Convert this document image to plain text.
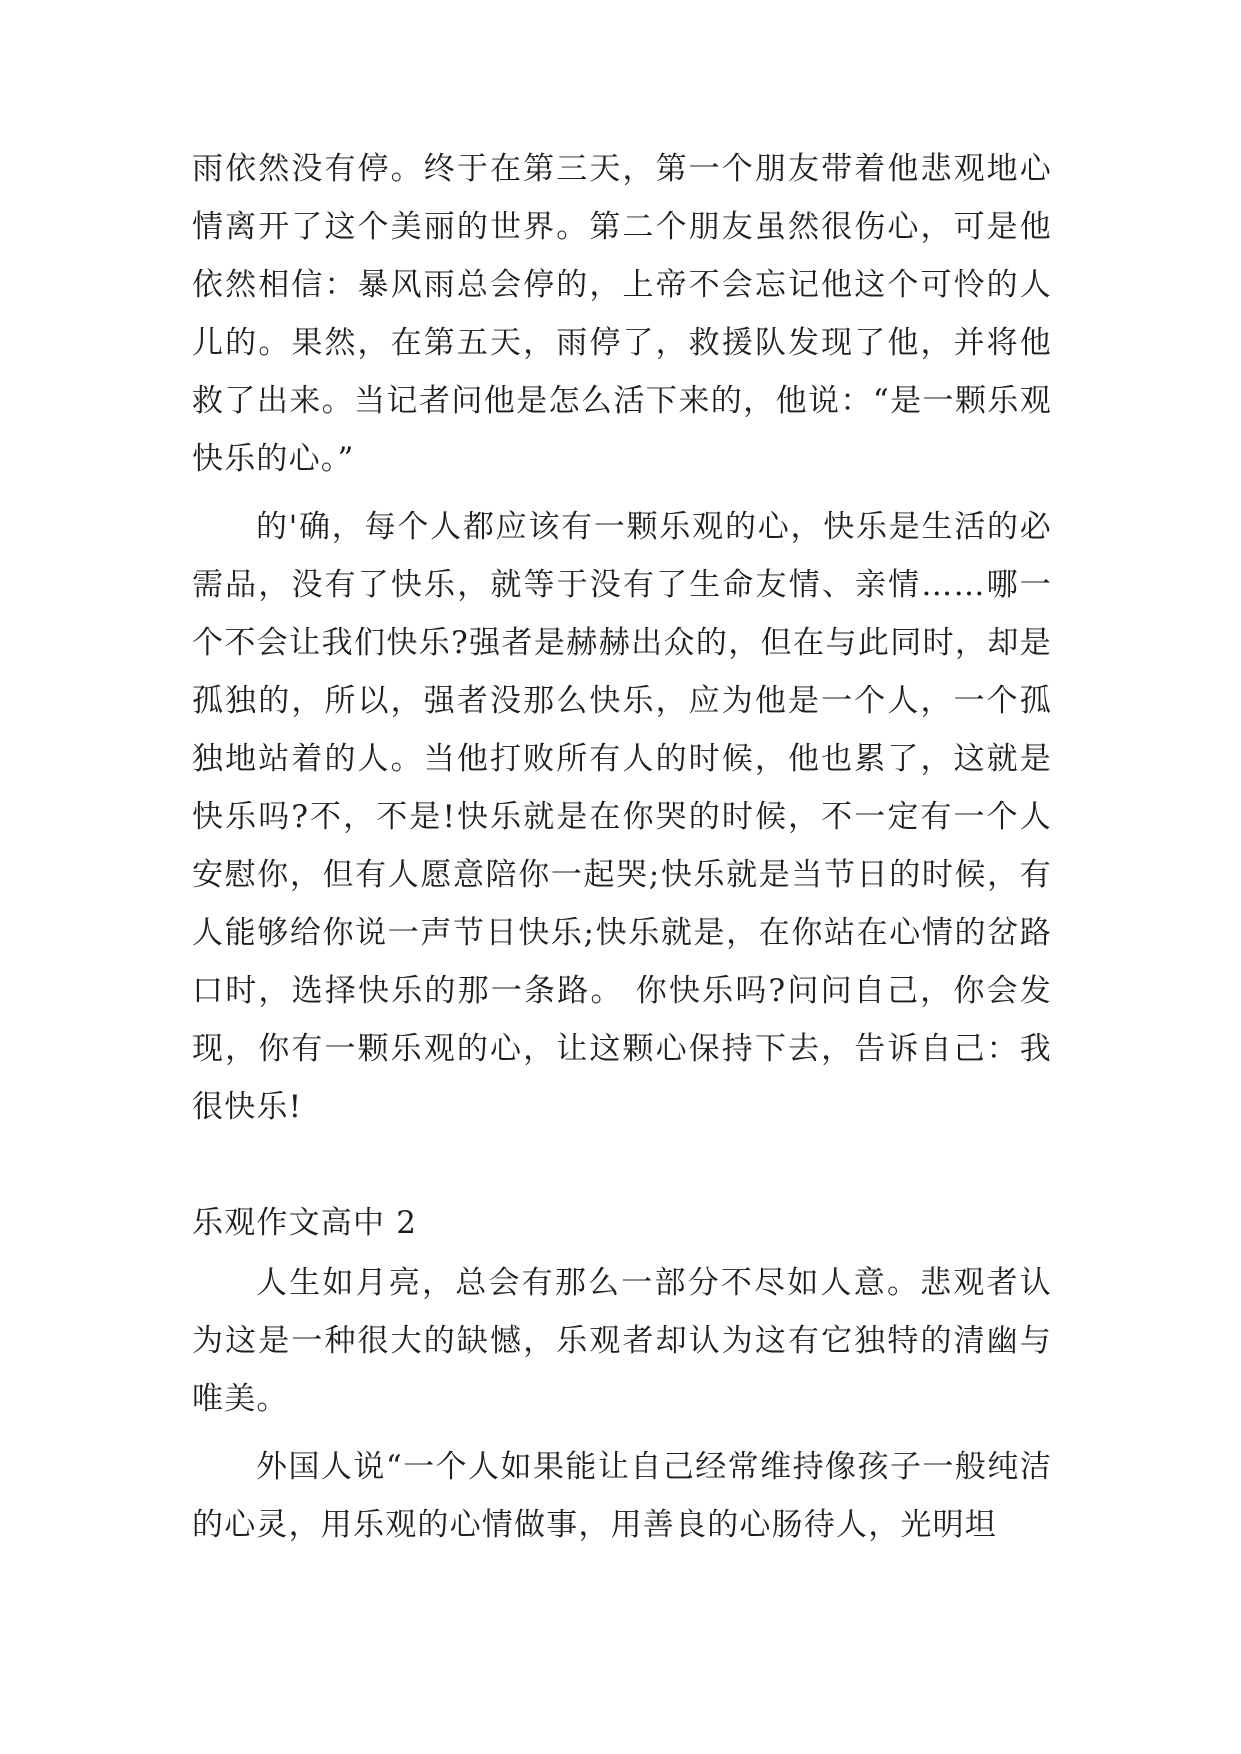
雨依然没有停。终于在第三天，第一个朋友带着他悲观地心情离开了这个美丽的世界。第二个朋友虽然很伤心，可是他依然相信：暴风雨总会停的，上帝不会忘记他这个可怜的人儿的。果然，在第五天，雨停了，救援队发现了他，并将他救了出来。当记者问他是怎么活下来的，他说：“是一颗乐观快乐的心。”

的'确，每个人都应该有一颗乐观的心，快乐是生活的必需品，没有了快乐，就等于没有了生命友情、亲情……哪一个不会让我们快乐?强者是赫赫出众的，但在与此同时，却是孤独的，所以，强者没那么快乐，应为他是一个人，一个孤独地站着的人。当他打败所有人的时候，他也累了，这就是快乐吗?不，不是!快乐就是在你哭的时候，不一定有一个人安慰你，但有人愿意陪你一起哭;快乐就是当节日的时候，有人能够给你说一声节日快乐;快乐就是，在你站在心情的岔路口时，选择快乐的那一条路。 你快乐吗?问问自己，你会发现，你有一颗乐观的心，让这颗心保持下去，告诉自己：我很快乐!

乐观作文高中 2

人生如月亮，总会有那么一部分不尽如人意。悲观者认为这是一种很大的缺憾，乐观者却认为这有它独特的清幽与唯美。

外国人说“一个人如果能让自己经常维持像孩子一般纯洁的心灵，用乐观的心情做事，用善良的心肠待人，光明坦
